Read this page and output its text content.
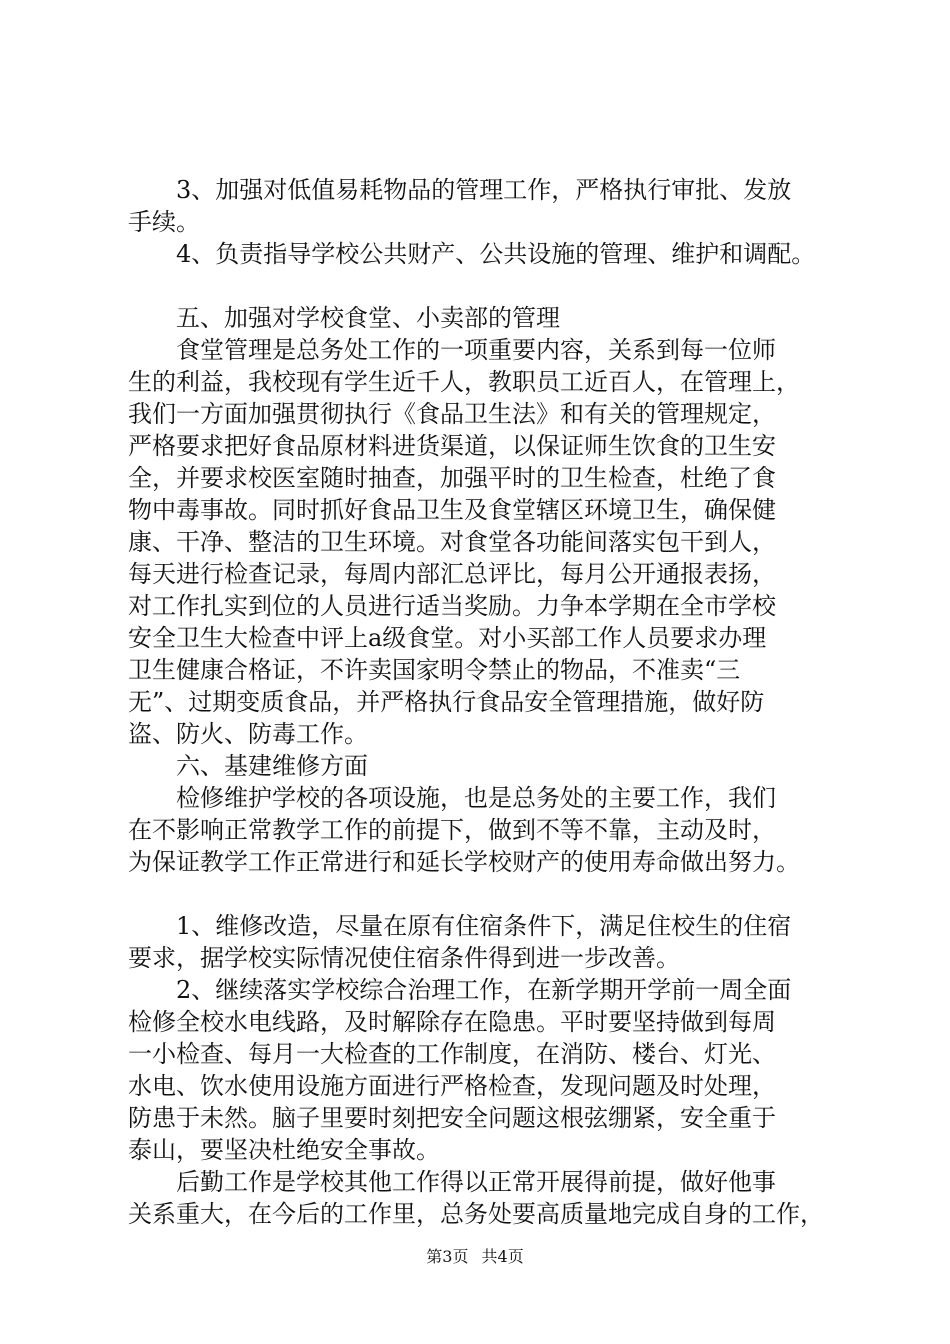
3、加强对低值易耗物品的管理工作，严格执行审批、发放
手续。
4、负责指导学校公共财产、公共设施的管理、维护和调配。
五、加强对学校食堂、小卖部的管理
食堂管理是总务处工作的一项重要内容，关系到每一位师
生的利益，我校现有学生近千人，教职员工近百人，在管理上，
我们一方面加强贯彻执行《食品卫生法》和有关的管理规定，
严格要求把好食品原材料进货渠道，以保证师生饮食的卫生安
全，并要求校医室随时抽查，加强平时的卫生检查，杜绝了食
物中毒事故。同时抓好食品卫生及食堂辖区环境卫生，确保健
康、干净、整洁的卫生环境。对食堂各功能间落实包干到人，
每天进行检查记录，每周内部汇总评比，每月公开通报表扬，
对工作扎实到位的人员进行适当奖励。力争本学期在全市学校
安全卫生大检查中评上a级食堂。对小买部工作人员要求办理
卫生健康合格证，不许卖国家明令禁止的物品，不准卖“三
无”、过期变质食品，并严格执行食品安全管理措施，做好防
盗、防火、防毒工作。
六、基建维修方面
检修维护学校的各项设施，也是总务处的主要工作，我们
在不影响正常教学工作的前提下，做到不等不靠，主动及时，
为保证教学工作正常进行和延长学校财产的使用寿命做出努力。
1、维修改造，尽量在原有住宿条件下，满足住校生的住宿
要求，据学校实际情况使住宿条件得到进一步改善。
2、继续落实学校综合治理工作，在新学期开学前一周全面
检修全校水电线路，及时解除存在隐患。平时要坚持做到每周
一小检查、每月一大检查的工作制度，在消防、楼台、灯光、
水电、饮水使用设施方面进行严格检查，发现问题及时处理，
防患于未然。脑子里要时刻把安全问题这根弦绷紧，安全重于
泰山，要坚决杜绝安全事故。
后勤工作是学校其他工作得以正常开展得前提，做好他事
关系重大，在今后的工作里，总务处要高质量地完成自身的工作，
第3页 共4页
